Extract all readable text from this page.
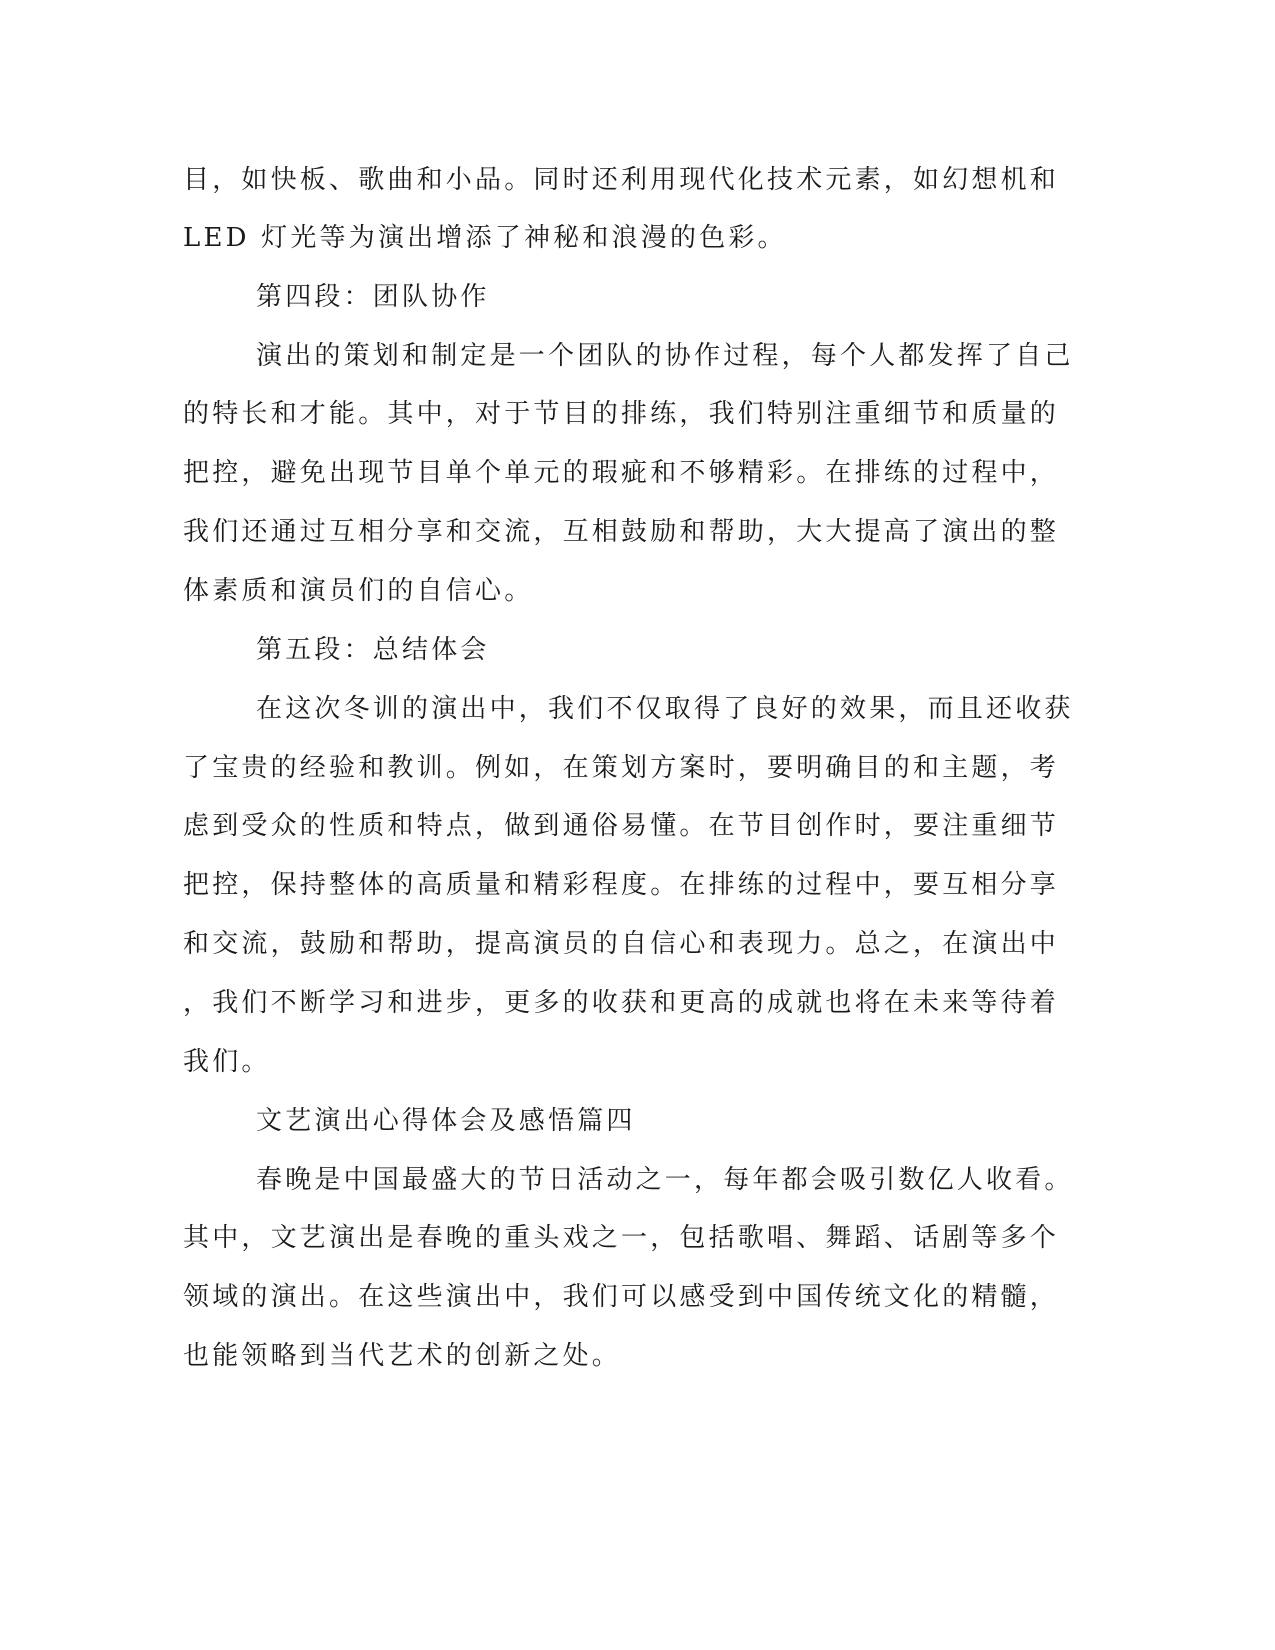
目，如快板、歌曲和小品。同时还利用现代化技术元素，如幻想机和
LED 灯光等为演出增添了神秘和浪漫的色彩。
第四段：团队协作
演出的策划和制定是一个团队的协作过程，每个人都发挥了自己
的特长和才能。其中，对于节目的排练，我们特别注重细节和质量的
把控，避免出现节目单个单元的瑕疵和不够精彩。在排练的过程中，
我们还通过互相分享和交流，互相鼓励和帮助，大大提高了演出的整
体素质和演员们的自信心。
第五段：总结体会
在这次冬训的演出中，我们不仅取得了良好的效果，而且还收获
了宝贵的经验和教训。例如，在策划方案时，要明确目的和主题，考
虑到受众的性质和特点，做到通俗易懂。在节目创作时，要注重细节
把控，保持整体的高质量和精彩程度。在排练的过程中，要互相分享
和交流，鼓励和帮助，提高演员的自信心和表现力。总之，在演出中
，我们不断学习和进步，更多的收获和更高的成就也将在未来等待着
我们。
文艺演出心得体会及感悟篇四
春晚是中国最盛大的节日活动之一，每年都会吸引数亿人收看。
其中，文艺演出是春晚的重头戏之一，包括歌唱、舞蹈、话剧等多个
领域的演出。在这些演出中，我们可以感受到中国传统文化的精髓，
也能领略到当代艺术的创新之处。
